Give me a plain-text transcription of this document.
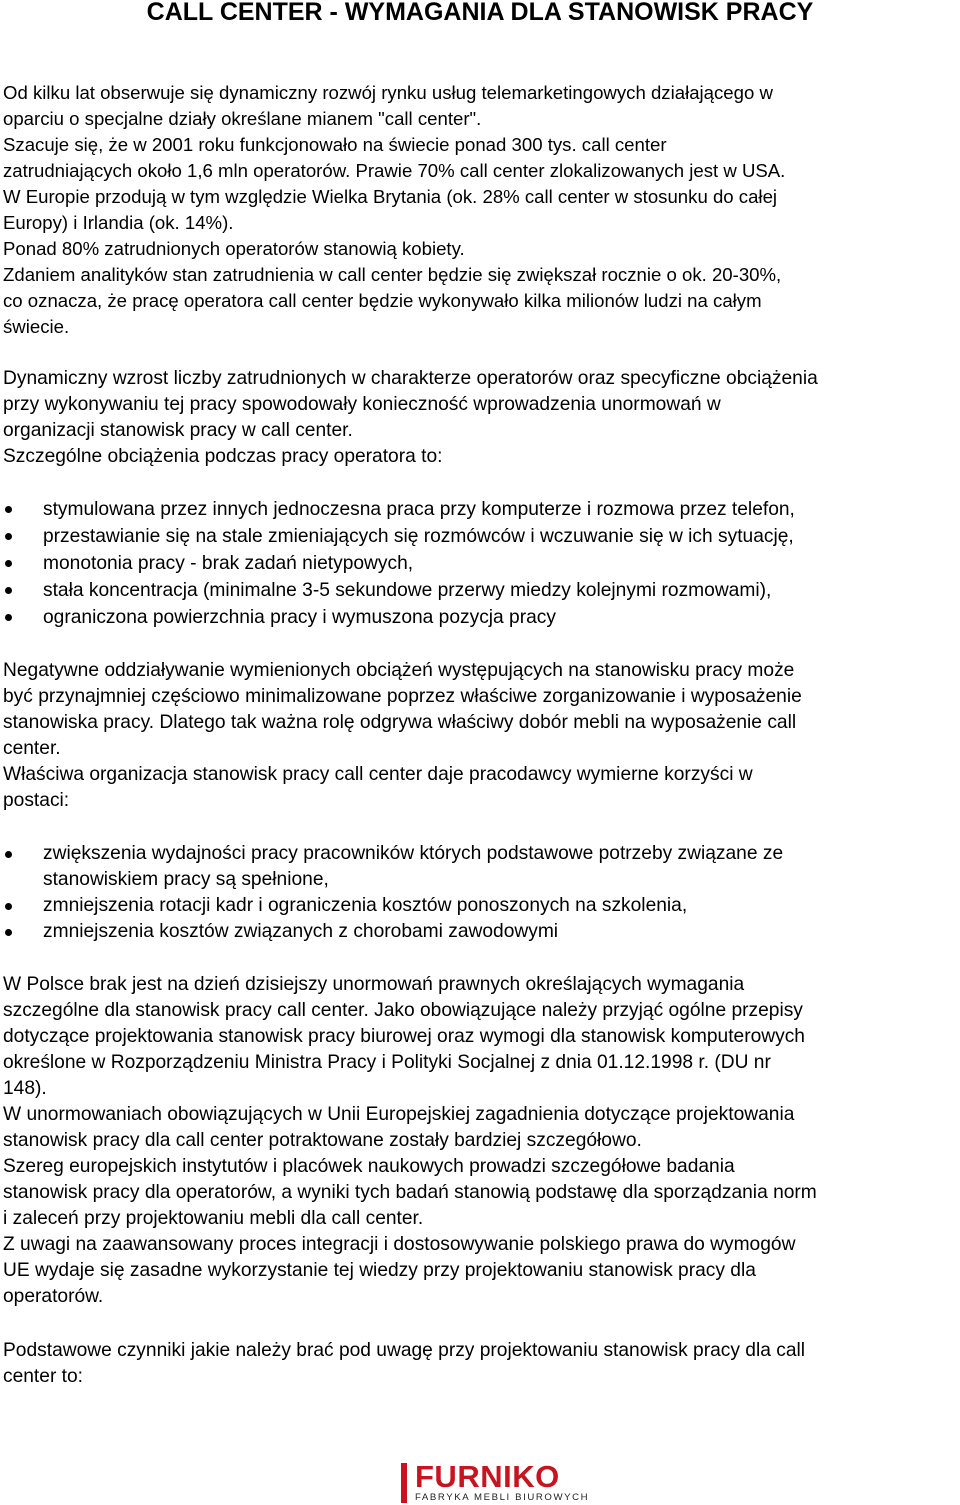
CALL CENTER - WYMAGANIA DLA STANOWISK PRACY
Od kilku lat obserwuje się dynamiczny rozwój rynku usług telemarketingowych działającego w
oparciu o specjalne działy określane mianem "call center".
Szacuje się, że w 2001 roku funkcjonowało na świecie ponad 300 tys. call center
zatrudniających około 1,6 mln operatorów. Prawie 70% call center zlokalizowanych jest w USA.
W Europie przodują w tym względzie Wielka Brytania (ok. 28% call center w stosunku do całej
Europy) i Irlandia (ok. 14%).
Ponad 80% zatrudnionych operatorów stanowią kobiety.
Zdaniem analityków stan zatrudnienia w call center będzie się zwiększał rocznie o ok. 20-30%,
co oznacza, że pracę operatora call center będzie wykonywało kilka milionów ludzi na całym
świecie.
Dynamiczny wzrost liczby zatrudnionych w charakterze operatorów oraz specyficzne obciążenia
przy wykonywaniu tej pracy spowodowały konieczność wprowadzenia unormowań w
organizacji stanowisk pracy w call center.
Szczególne obciążenia podczas pracy operatora to:
stymulowana przez innych jednoczesna praca przy komputerze i rozmowa przez telefon,
przestawianie się na stale zmieniających się rozmówców i wczuwanie się w ich sytuację,
monotonia pracy - brak zadań nietypowych,
stała koncentracja (minimalne 3-5 sekundowe przerwy miedzy kolejnymi rozmowami),
ograniczona powierzchnia pracy i wymuszona pozycja pracy
Negatywne oddziaływanie wymienionych obciążeń występujących na stanowisku pracy może
być przynajmniej częściowo minimalizowane poprzez właściwe zorganizowanie i wyposażenie
stanowiska pracy. Dlatego tak ważna rolę odgrywa właściwy dobór mebli na wyposażenie call
center.
Właściwa organizacja stanowisk pracy call center daje pracodawcy wymierne korzyści w
postaci:
zwiększenia wydajności pracy pracowników których podstawowe potrzeby związane ze
stanowiskiem pracy są spełnione,
zmniejszenia rotacji kadr i ograniczenia kosztów ponoszonych na szkolenia,
zmniejszenia kosztów związanych z chorobami zawodowymi
W Polsce brak jest na dzień dzisiejszy unormowań prawnych określających wymagania
szczególne dla stanowisk pracy call center. Jako obowiązujące należy przyjąć ogólne przepisy
dotyczące projektowania stanowisk pracy biurowej oraz wymogi dla stanowisk komputerowych
określone w Rozporządzeniu Ministra Pracy i Polityki Socjalnej z dnia 01.12.1998 r. (DU nr
148).
W unormowaniach obowiązujących w Unii Europejskiej zagadnienia dotyczące projektowania
stanowisk pracy dla call center potraktowane zostały bardziej szczegółowo.
Szereg europejskich instytutów i placówek naukowych prowadzi szczegółowe badania
stanowisk pracy dla operatorów, a wyniki tych badań stanowią podstawę dla sporządzania norm
i zaleceń przy projektowaniu mebli dla call center.
Z uwagi na zaawansowany proces integracji i dostosowywanie polskiego prawa do wymogów
UE wydaje się zasadne wykorzystanie tej wiedzy przy projektowaniu stanowisk pracy dla
operatorów.
Podstawowe czynniki jakie należy brać pod uwagę przy projektowaniu stanowisk pracy dla call
center to:
FURNIKO
FABRYKA MEBLI BIUROWYCH
